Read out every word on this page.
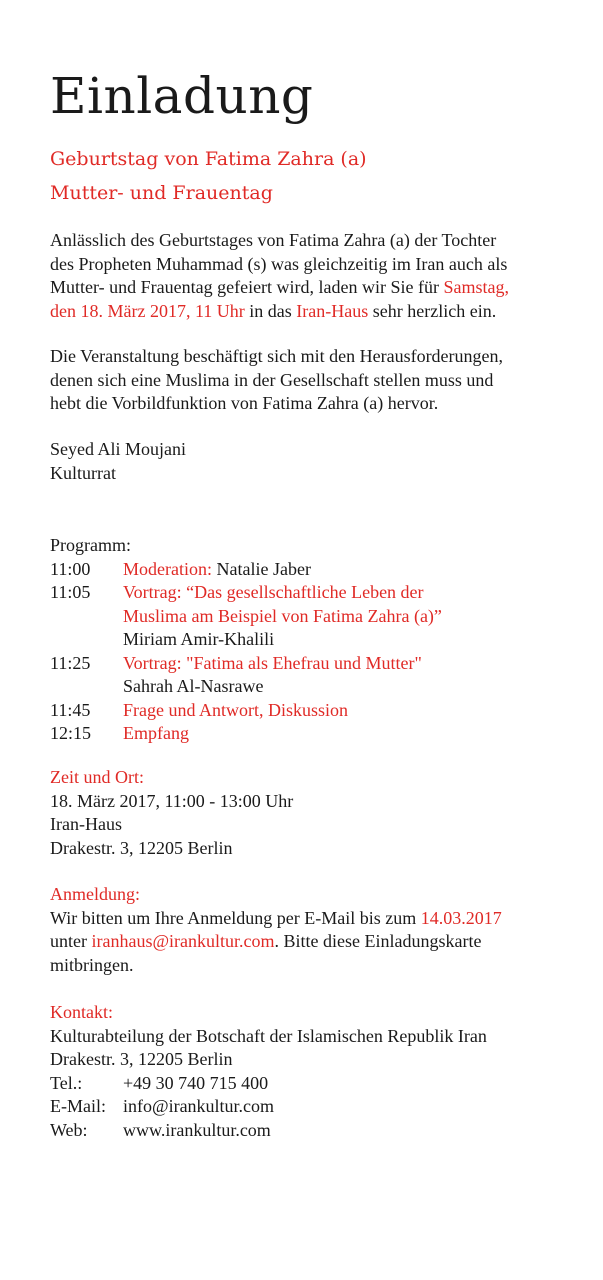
Einladung

Geburtstag von Fatima Zahra (a)

Mutter- und Frauentag

Anlässlich des Geburtstages von Fatima Zahra (a) der Tochter
des Propheten Muhammad (s) was gleichzeitig im Iran auch als
Mutter- und Frauentag gefeiert wird, laden wir Sie für Samstag,
den 18. März 2017, 11 Uhr in das Iran-Haus sehr herzlich ein.
Die Veranstaltung beschäftigt sich mit den Herausforderungen,
denen sich eine Muslima in der Gesellschaft stellen muss und
hebt die Vorbildfunktion von Fatima Zahra (a) hervor.
Seyed Ali Moujani
Kulturrat
Programm:
11:00 Moderation: Natalie Jaber
11:05 Vortrag: “Das gesellschaftliche Leben der
Muslima am Beispiel von Fatima Zahra (a)”
Miriam Amir-Khalili
11:25 Vortrag: "Fatima als Ehefrau und Mutter"
Sahrah Al-Nasrawe
11:45 Frage und Antwort, Diskussion
12:15 Empfang
Zeit und Ort:
18. März 2017, 11:00 - 13:00 Uhr
Iran-Haus
Drakestr. 3, 12205 Berlin
Anmeldung:
Wir bitten um Ihre Anmeldung per E-Mail bis zum 14.03.2017
unter iranhaus@irankultur.com. Bitte diese Einladungskarte
mitbringen.
Kontakt:
Kulturabteilung der Botschaft der Islamischen Republik Iran
Drakestr. 3, 12205 Berlin
Tel.: +49 30 740 715 400
E-Mail: info@irankultur.com
Web: www.irankultur.com
